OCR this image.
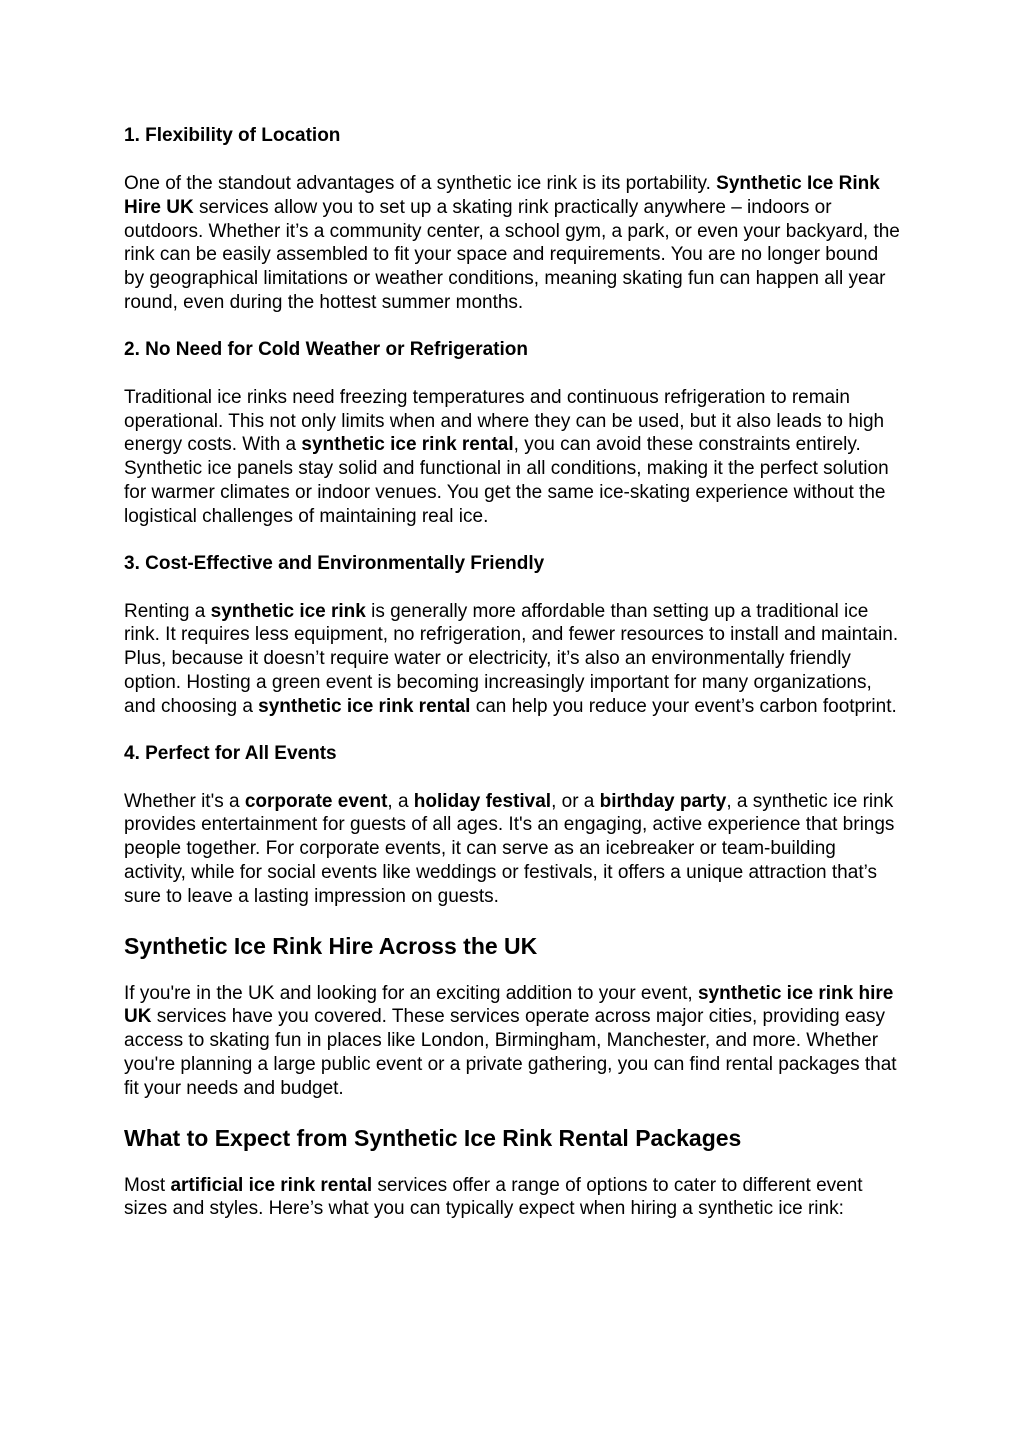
1. Flexibility of Location

One of the standout advantages of a synthetic ice rink is its portability. Synthetic Ice Rink Hire UK services allow you to set up a skating rink practically anywhere – indoors or outdoors. Whether it’s a community center, a school gym, a park, or even your backyard, the rink can be easily assembled to fit your space and requirements. You are no longer bound by geographical limitations or weather conditions, meaning skating fun can happen all year round, even during the hottest summer months.

2. No Need for Cold Weather or Refrigeration

Traditional ice rinks need freezing temperatures and continuous refrigeration to remain operational. This not only limits when and where they can be used, but it also leads to high energy costs. With a synthetic ice rink rental, you can avoid these constraints entirely. Synthetic ice panels stay solid and functional in all conditions, making it the perfect solution for warmer climates or indoor venues. You get the same ice-skating experience without the logistical challenges of maintaining real ice.

3. Cost-Effective and Environmentally Friendly

Renting a synthetic ice rink is generally more affordable than setting up a traditional ice rink. It requires less equipment, no refrigeration, and fewer resources to install and maintain. Plus, because it doesn’t require water or electricity, it’s also an environmentally friendly option. Hosting a green event is becoming increasingly important for many organizations, and choosing a synthetic ice rink rental can help you reduce your event’s carbon footprint.

4. Perfect for All Events

Whether it's a corporate event, a holiday festival, or a birthday party, a synthetic ice rink provides entertainment for guests of all ages. It's an engaging, active experience that brings people together. For corporate events, it can serve as an icebreaker or team-building activity, while for social events like weddings or festivals, it offers a unique attraction that’s sure to leave a lasting impression on guests.

Synthetic Ice Rink Hire Across the UK

If you're in the UK and looking for an exciting addition to your event, synthetic ice rink hire UK services have you covered. These services operate across major cities, providing easy access to skating fun in places like London, Birmingham, Manchester, and more. Whether you're planning a large public event or a private gathering, you can find rental packages that fit your needs and budget.

What to Expect from Synthetic Ice Rink Rental Packages

Most artificial ice rink rental services offer a range of options to cater to different event sizes and styles. Here’s what you can typically expect when hiring a synthetic ice rink:
